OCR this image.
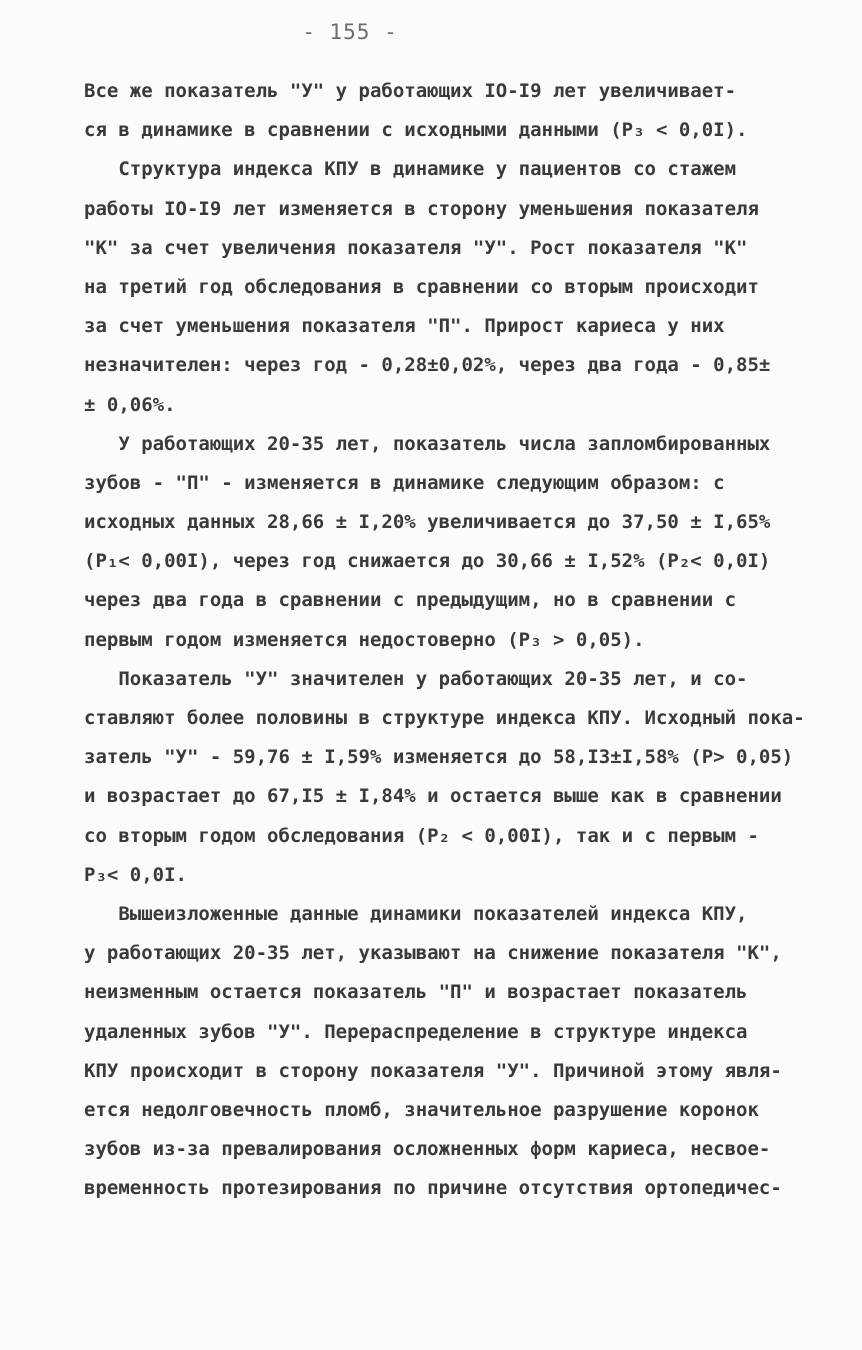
- 155 -
Все же показатель "У" у работающих IO-I9 лет увеличивает-
ся в динамике в сравнении с исходными данными (P₃ < 0,0I).
Структура индекса КПУ в динамике у пациентов со стажем
работы IO-I9 лет изменяется в сторону уменьшения показателя
"К" за счет увеличения показателя "У". Рост показателя "К"
на третий год обследования в сравнении со вторым происходит
за счет уменьшения показателя "П". Прирост кариеса у них
незначителен: через год - 0,28±0,02%, через два года - 0,85±
± 0,06%.
У работающих 20-35 лет, показатель числа запломбированных
зубов - "П" - изменяется в динамике следующим образом: с
исходных данных 28,66 ± I,20% увеличивается до 37,50 ± I,65%
(P₁< 0,00I), через год снижается до 30,66 ± I,52% (P₂< 0,0I)
через два года в сравнении с предыдущим, но в сравнении с
первым годом изменяется недостоверно (P₃ > 0,05).
Показатель "У" значителен у работающих 20-35 лет, и со-
ставляют более половины в структуре индекса КПУ. Исходный пока-
затель "У" - 59,76 ± I,59% изменяется до 58,I3±I,58% (P> 0,05)
и возрастает до 67,I5 ± I,84% и остается выше как в сравнении
со вторым годом обследования (P₂ < 0,00I), так и с первым -
P₃< 0,0I.
Вышеизложенные данные динамики показателей индекса КПУ,
у работающих 20-35 лет, указывают на снижение показателя "К",
неизменным остается показатель "П" и возрастает показатель
удаленных зубов "У". Перераспределение в структуре индекса
КПУ происходит в сторону показателя "У". Причиной этому явля-
ется недолговечность пломб, значительное разрушение коронок
зубов из-за превалирования осложненных форм кариеса, несвое-
временность протезирования по причине отсутствия ортопедичес-
